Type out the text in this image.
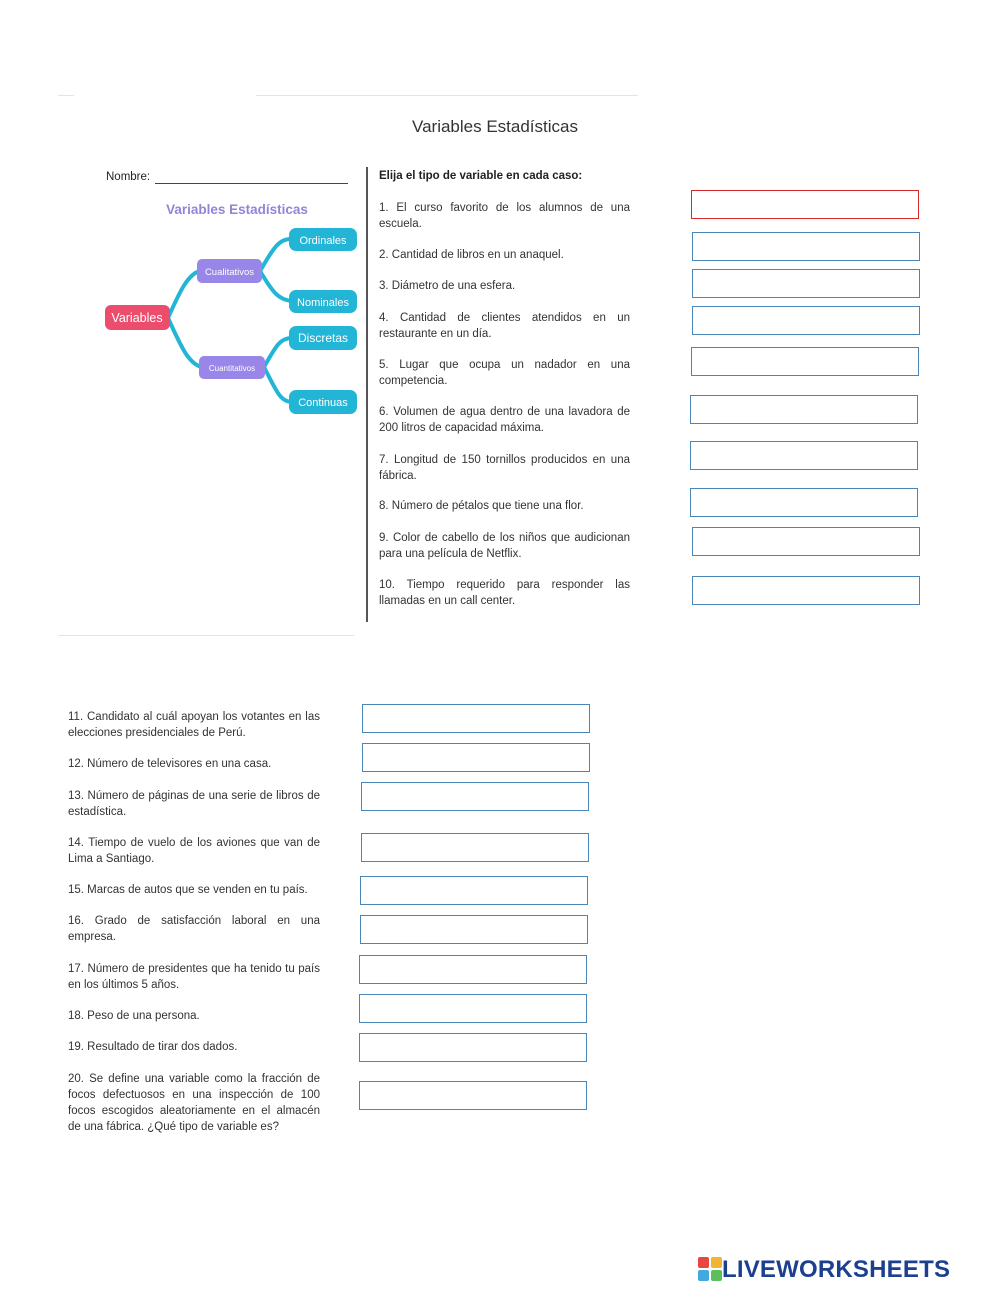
Variables Estadísticas
Nombre:	Elija el tipo de variable en cada caso:
Variables Estadísticas
Variables
Cualitativos
Cuantitativos
Ordinales
Nominales
Discretas
Continuas
1. El curso favorito de los alumnos de una escuela.
2. Cantidad de libros en un anaquel.
3. Diámetro de una esfera.
4. Cantidad de clientes atendidos en un restaurante en un día.
5. Lugar que ocupa un nadador en una competencia.
6. Volumen de agua dentro de una lavadora de 200 litros de capacidad máxima.
7. Longitud de 150 tornillos producidos en una fábrica.
8. Número de pétalos que tiene una flor.
9. Color de cabello de los niños que audicionan para una película de Netflix.
10. Tiempo requerido para responder las llamadas en un call center.
11. Candidato al cuál apoyan los votantes en las elecciones presidenciales de Perú.
12. Número de televisores en una casa.
13. Número de páginas de una serie de libros de estadística.
14. Tiempo de vuelo de los aviones que van de Lima a Santiago.
15. Marcas de autos que se venden en tu país.
16. Grado de satisfacción laboral en una empresa.
17. Número de presidentes que ha tenido tu país en los últimos 5 años.
18. Peso de una persona.
19. Resultado de tirar dos dados.
20. Se define una variable como la fracción de focos defectuosos en una inspección de 100 focos escogidos aleatoriamente en el almacén de una fábrica. ¿Qué tipo de variable es?
LIVEWORKSHEETS
